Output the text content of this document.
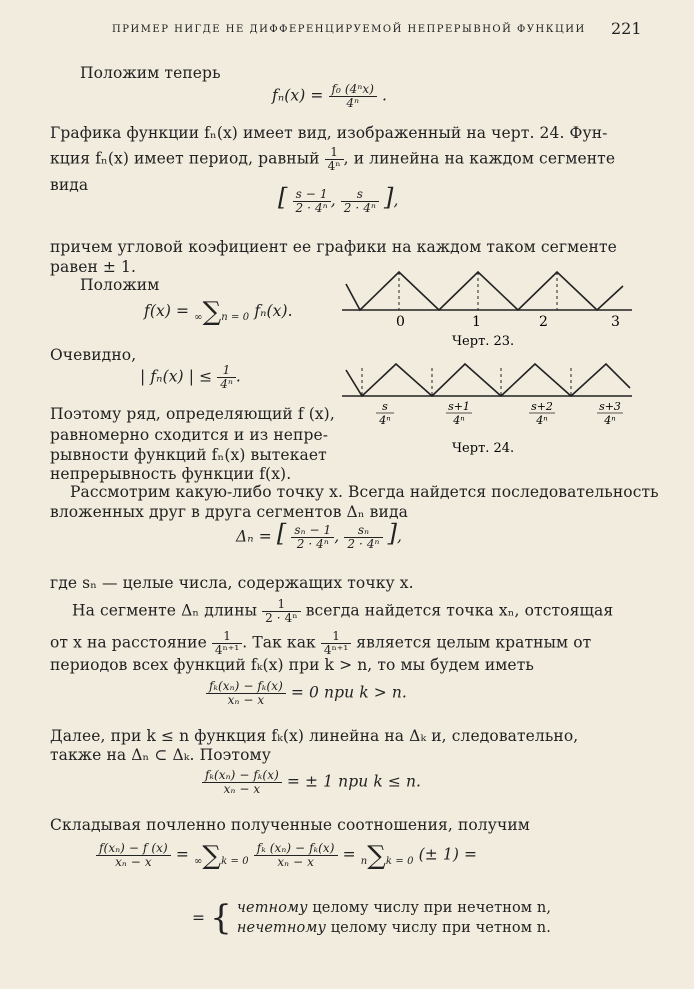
ПРИМЕР НИГДЕ НЕ ДИФФЕРЕНЦИРУЕМОЙ НЕПРЕРЫВНОЙ ФУНКЦИИ 221
Положим теперь
$f_n(x) = \frac{\text{f₀ (4ⁿx)}}{\text{4ⁿ}}$ .
Графика функции fₙ(x) имеет вид, изображенный на черт. 24. Фун-
кция fₙ(x) имеет период, равный $\frac{1}{\text{4ⁿ}}$ , и линейна на каждом сегменте
вида	[ $\frac{s - 1}{\text{2 · 4ⁿ}}$ , $\frac{s}{\text{2 · 4ⁿ}}$ ],
причем угловой коэфициент ее графики на каждом таком сегменте
равен ± 1.
Положим
f(x) = ∞∑n = 0 fₙ(x).
Очевидно,
| fₙ(x) | ≤ $\frac{1}{\text{4ⁿ}}$ .
Поэтому ряд, определяющий f (x),
равномерно сходится и из непре-
рывности функций fₙ(x) вытекает
непрерывность функции f(x).
0	1	2	3
Черт. 23.
s
4ⁿ
s+1
4ⁿ
s+2
4ⁿ
s+3
4ⁿ
Черт. 24.
Рассмотрим какую-либо точку x. Всегда найдется последовательность
вложенных друг в друга сегментов Δₙ вида
Δₙ = [ $\frac{\text{sₙ − 1}}{\text{2 · 4ⁿ}}$ , $\frac{\text{sₙ}}{\text{2 · 4ⁿ}}$ ],
где sₙ — целые числа, содержащих точку x.
На сегменте Δₙ длины $\frac{1}{\text{2 · 4ⁿ}}$ всегда найдется точка xₙ, отстоящая
от x на расстояние $\frac{1}{\text{4ⁿ⁺¹}}$ . Так как $\frac{1}{\text{4ⁿ⁺¹}}$ является целым кратным от
периодов всех функций fₖ(x) при k > n, то мы будем иметь
$\frac{\text{fₖ(xₙ) − fₖ(x)}}{\text{xₙ − x}} = 0$ при k > n.
Далее, при k ≤ n функция fₖ(x) линейна на Δₖ и, следовательно,
также на Δₙ ⊂ Δₖ. Поэтому
$\frac{\text{fₖ(xₙ) − fₖ(x)}}{\text{xₙ − x}}$ = ± 1 при k ≤ n.
Складывая почленно полученные соотношения, получим
$\frac{\text{f(xₙ) − f (x)}}{\text{xₙ − x}} = \infty\sum k = 0 \frac{\text{fₖ (xₙ) − fₖ(x)}}{\text{xₙ − x}} = n\sum k = 0$ (± 1) =
= { четному целому числу при нечетном n,
нечетному целому числу при четном n.
